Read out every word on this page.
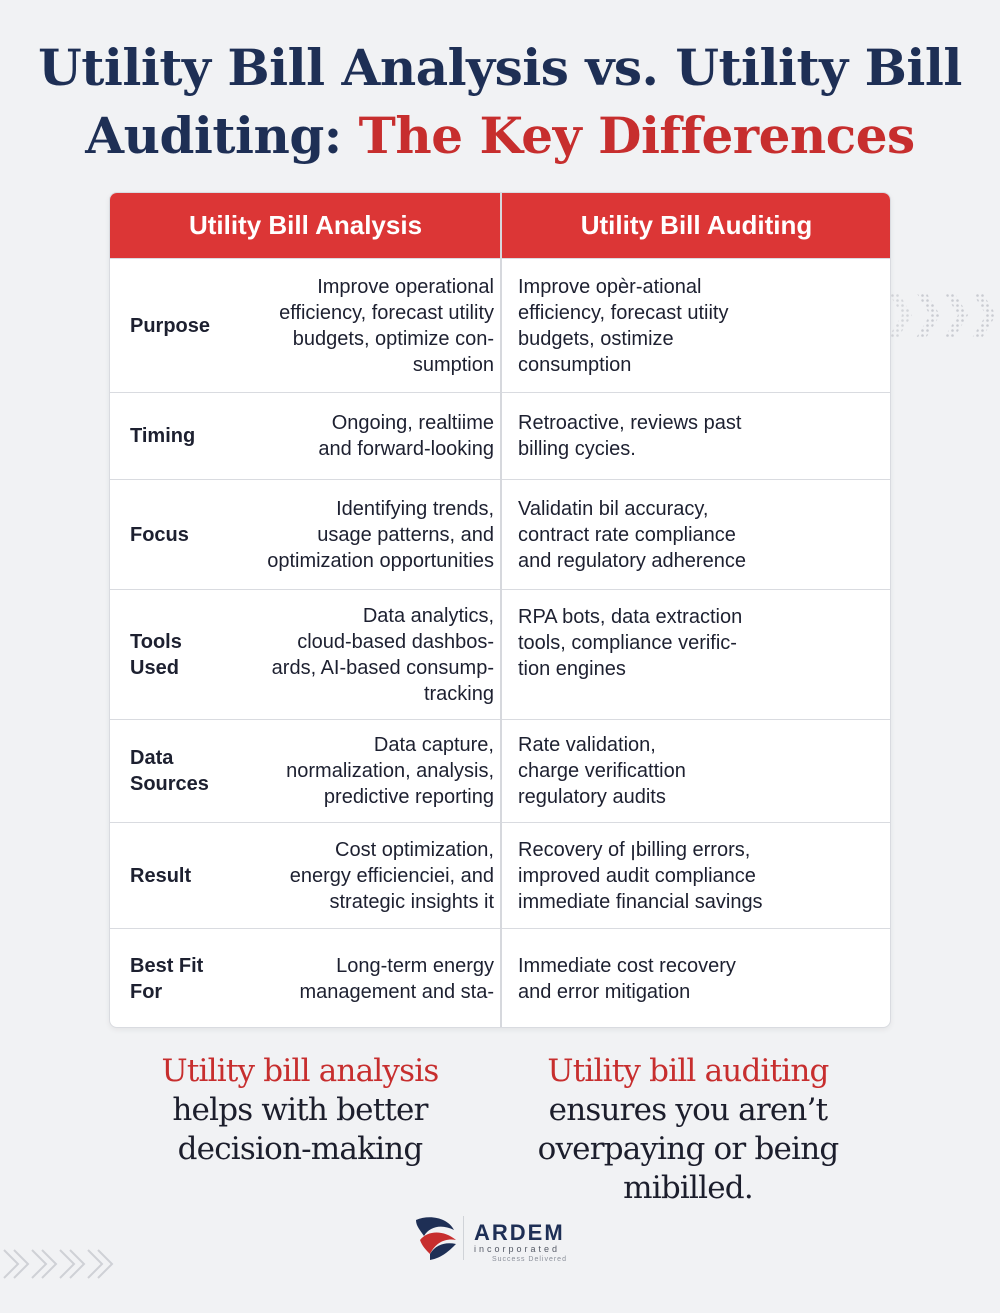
Utility Bill Analysis vs. Utility Bill
Auditing: The Key Differences
Utility Bill Analysis	Utility Bill Auditing
Purpose
Improve operational
efficiency, forecast utility
budgets, optimize con-
sumption
Improve opèr-ational
efficiency, forecast utiity
budgets, ostimize
consumption
Timing
Ongoing, realtiime
and forward-looking
Retroactive, reviews past
billing cycies.
Focus
Identifying trends,
usage patterns, and
optimization opportunities
Validatin bil accuracy,
contract rate compliance
and regulatory adherence
Tools
Used
Data analytics,
cloud-based dashbos-
ards, AI-based consump-
tracking
RPA bots, data extraction
tools, compliance verific-
tion engines
Data
Sources
Data capture,
normalization, analysis,
predictive reporting
Rate validation,
charge verificattion
regulatory audits
Result
Cost optimization,
energy efficienciei, and
strategic insights it
Recovery of ꞁbilling errors,
improved audit compliance
immediate financial savings
Best Fit
For
Long-term energy
management and sta-
Immediate cost recovery
and error mitigation
Utility bill analysis
helps with better
decision-making
Utility bill auditing
ensures you aren’t
overpaying or being mibilled.
ARDEM
incorporated
Success Delivered
